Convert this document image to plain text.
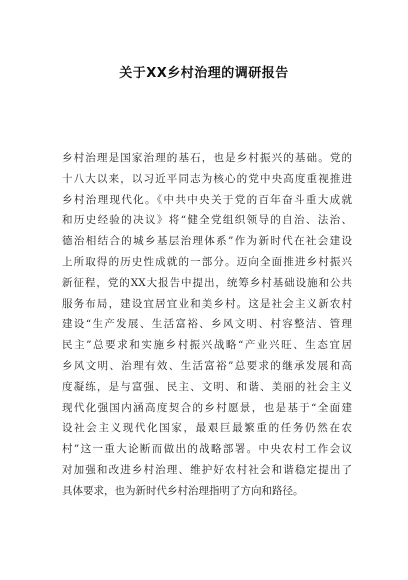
关于XX乡村治理的调研报告
乡村治理是国家治理的基石，也是乡村振兴的基础。党的
十八大以来，以习近平同志为核心的党中央高度重视推进
乡村治理现代化。《中共中央关于党的百年奋斗重大成就
和历史经验的决议》将“健全党组织领导的自治、法治、
德治相结合的城乡基层治理体系”作为新时代在社会建设
上所取得的历史性成就的一部分。迈向全面推进乡村振兴
新征程，党的XX大报告中提出，统筹乡村基础设施和公共
服务布局，建设宜居宜业和美乡村。这是社会主义新农村
建设“生产发展、生活富裕、乡风文明、村容整洁、管理
民主”总要求和实施乡村振兴战略“产业兴旺、生态宜居
乡风文明、治理有效、生活富裕”总要求的继承发展和高
度凝练，是与富强、民主、文明、和谐、美丽的社会主义
现代化强国内涵高度契合的乡村愿景，也是基于“全面建
设社会主义现代化国家，最艰巨最繁重的任务仍然在农
村”这一重大论断而做出的战略部署。中央农村工作会议
对加强和改进乡村治理、维护好农村社会和谐稳定提出了
具体要求，也为新时代乡村治理指明了方向和路径。
